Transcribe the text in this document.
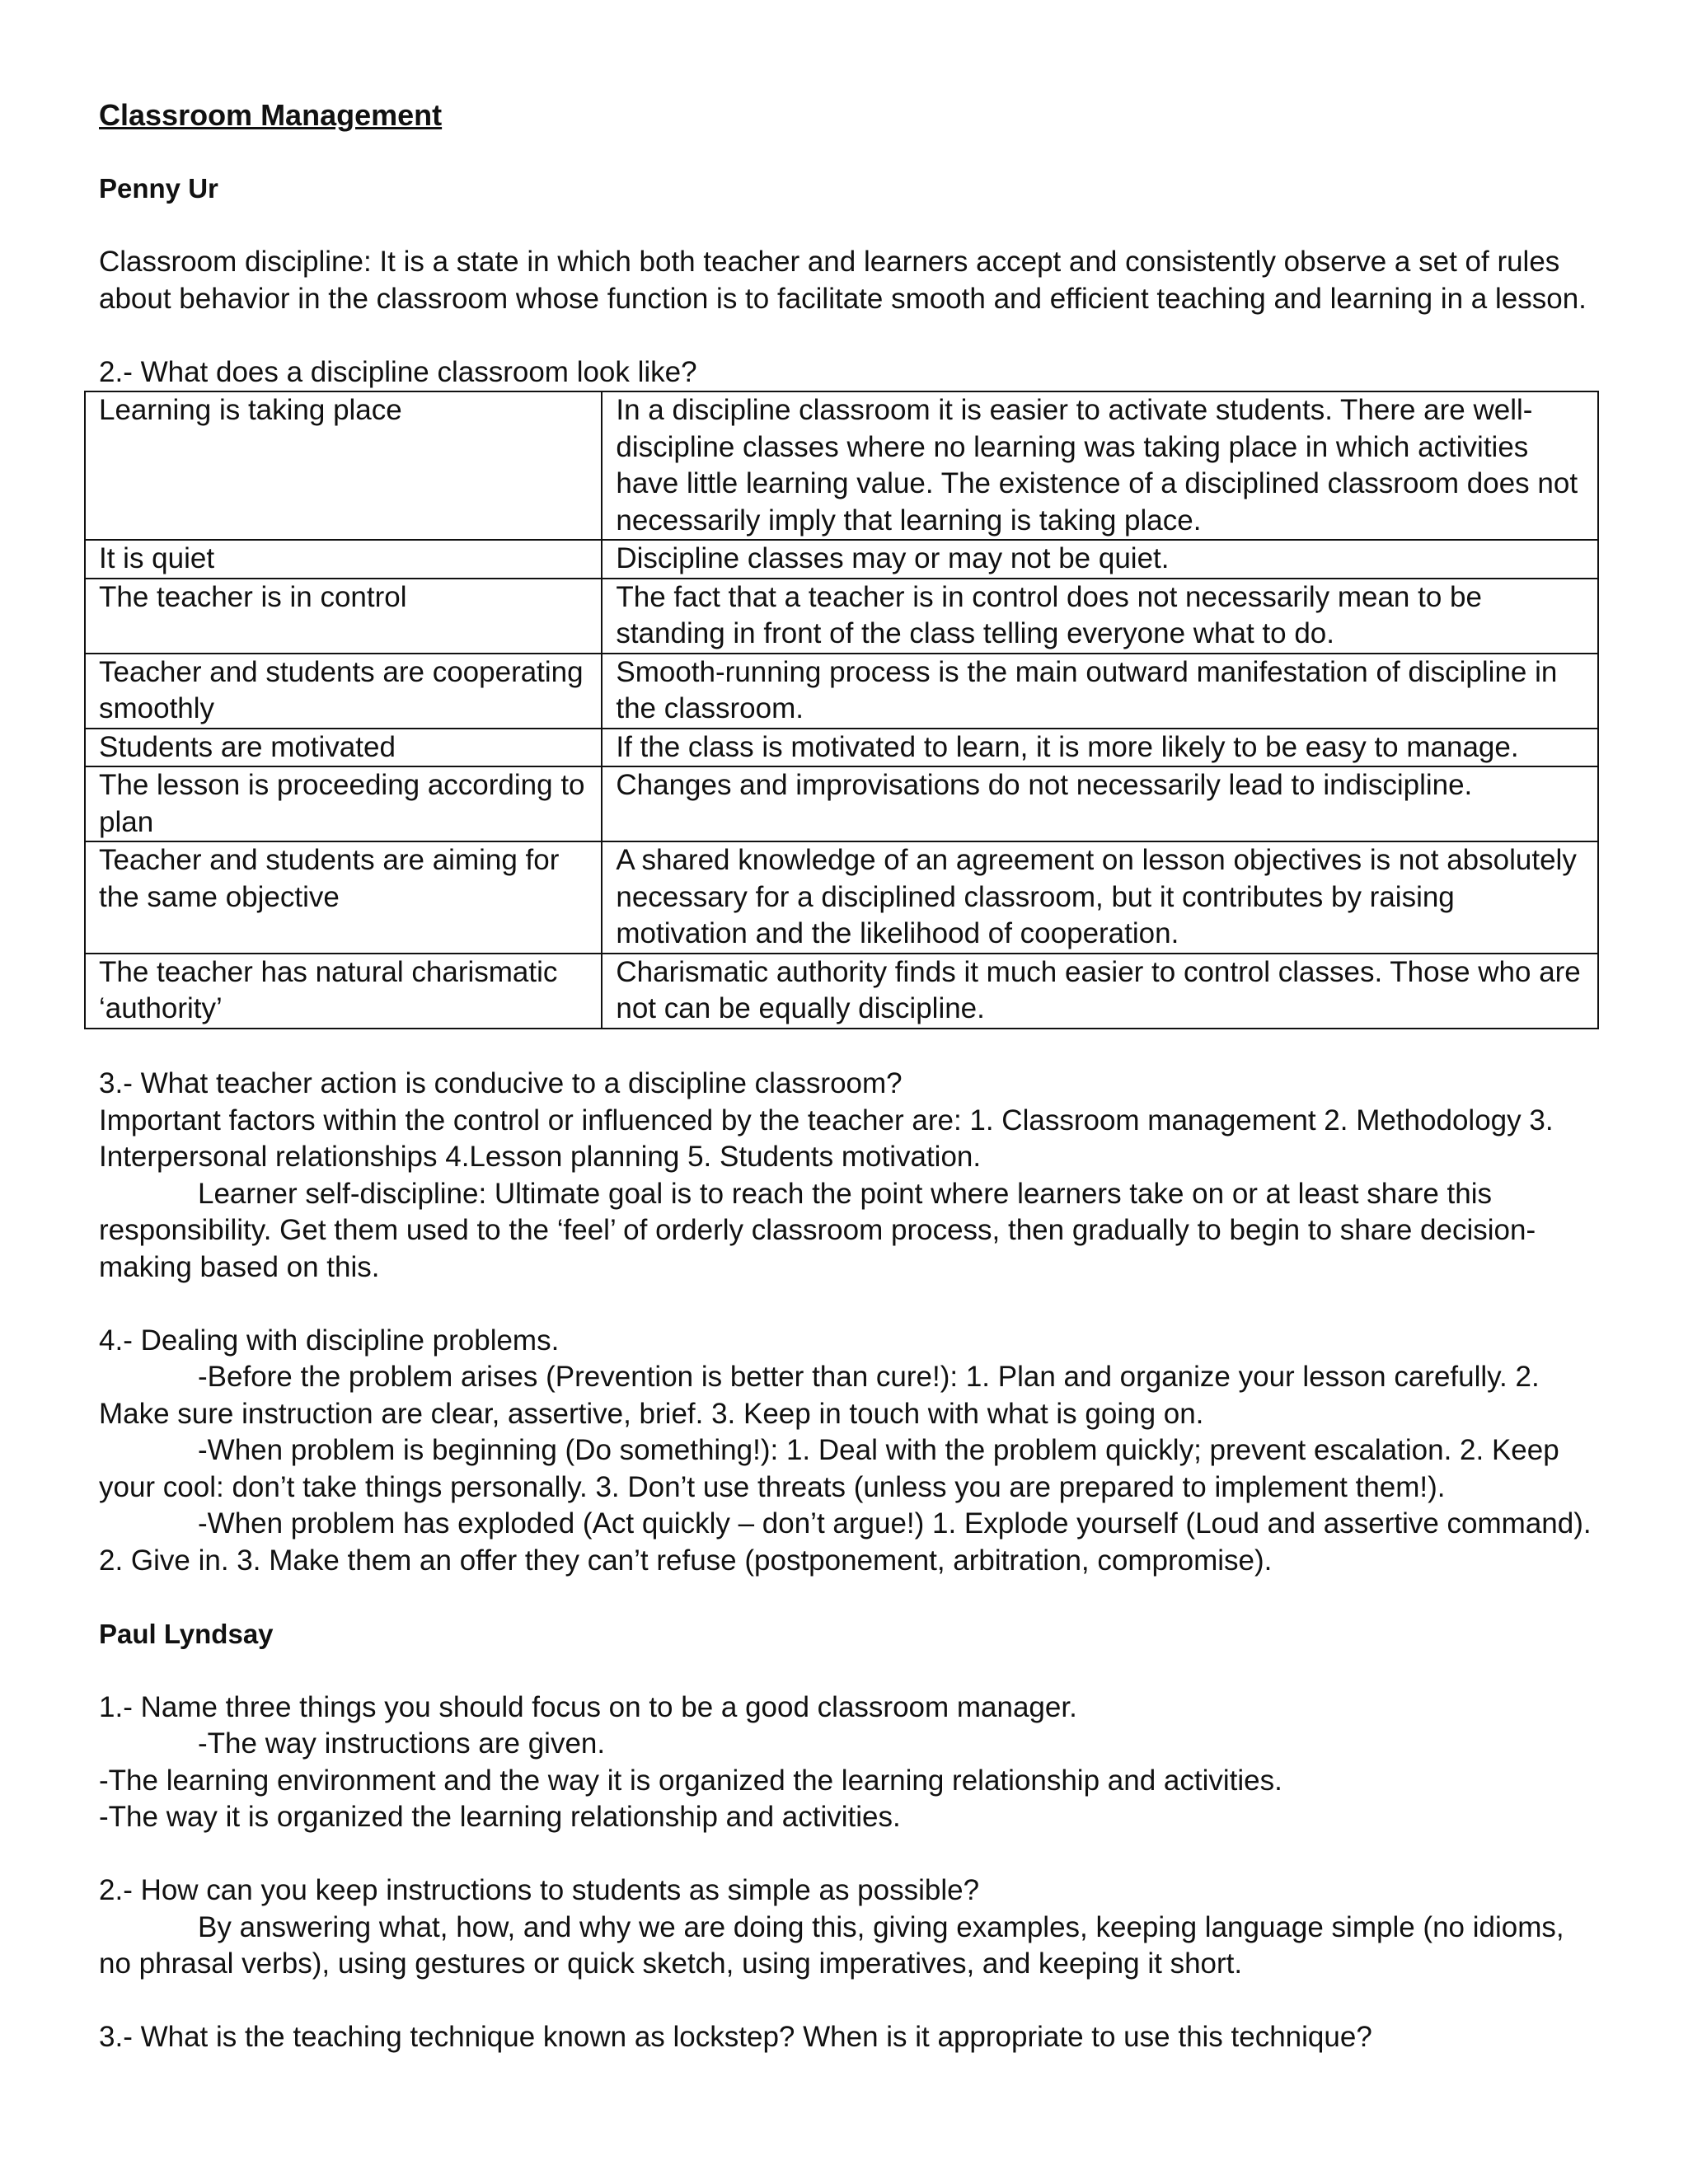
Classroom Management

Penny Ur

Classroom discipline: It is a state in which both teacher and learners accept and consistently observe a set of rules about behavior in the classroom whose function is to facilitate smooth and efficient teaching and learning in a lesson.

2.- What does a discipline classroom look like?

Learning is taking place	In a discipline classroom it is easier to activate students. There are well-discipline classes where no learning was taking place in which activities have little learning value. The existence of a disciplined classroom does not necessarily imply that learning is taking place.
It is quiet	Discipline classes may or may not be quiet.
The teacher is in control	The fact that a teacher is in control does not necessarily mean to be standing in front of the class telling everyone what to do.
Teacher and students are cooperating smoothly	Smooth-running process is the main outward manifestation of discipline in the classroom.
Students are motivated	If the class is motivated to learn, it is more likely to be easy to manage.
The lesson is proceeding according to plan	Changes and improvisations do not necessarily lead to indiscipline.
Teacher and students are aiming for the same objective	A shared knowledge of an agreement on lesson objectives is not absolutely necessary for a disciplined classroom, but it contributes by raising motivation and the likelihood of cooperation.
The teacher has natural charismatic ‘authority’	Charismatic authority finds it much easier to control classes. Those who are not can be equally discipline.

3.- What teacher action is conducive to a discipline classroom?

Important factors within the control or influenced by the teacher are: 1. Classroom management 2. Methodology 3. Interpersonal relationships 4.Lesson planning 5. Students motivation.

Learner self-discipline: Ultimate goal is to reach the point where learners take on or at least share this responsibility. Get them used to the ‘feel’ of orderly classroom process, then gradually to begin to share decision-making based on this.

4.- Dealing with discipline problems.

-Before the problem arises (Prevention is better than cure!): 1. Plan and organize your lesson carefully. 2. Make sure instruction are clear, assertive, brief. 3. Keep in touch with what is going on.

-When problem is beginning (Do something!): 1. Deal with the problem quickly; prevent escalation. 2. Keep your cool: don’t take things personally. 3. Don’t use threats (unless you are prepared to implement them!).

-When problem has exploded (Act quickly – don’t argue!) 1. Explode yourself (Loud and assertive command). 2. Give in. 3. Make them an offer they can’t refuse (postponement, arbitration, compromise).

Paul Lyndsay

1.- Name three things you should focus on to be a good classroom manager.

-The way instructions are given.

-The learning environment and the way it is organized the learning relationship and activities.

-The way it is organized the learning relationship and activities.

2.- How can you keep instructions to students as simple as possible?

By answering what, how, and why we are doing this, giving examples, keeping language simple (no idioms, no phrasal verbs), using gestures or quick sketch, using imperatives, and keeping it short.

3.- What is the teaching technique known as lockstep? When is it appropriate to use this technique?
